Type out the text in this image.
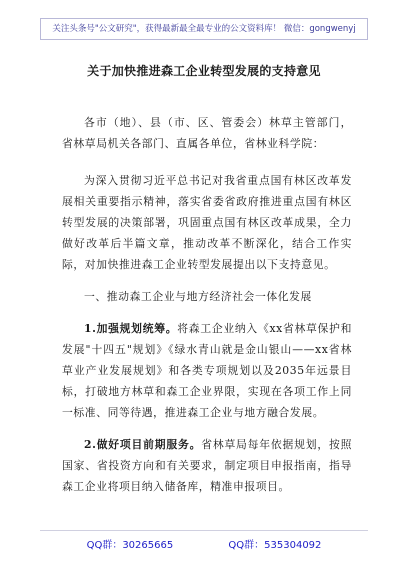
关注头条号"公文研究"，获得最新最全最专业的公文资料库！ 微信：gongwenyj
关于加快推进森工企业转型发展的支持意见
各市（地）、县（市、区、管委会）林草主管部门，省林草局机关各部门、直属各单位，省林业科学院：
为深入贯彻习近平总书记对我省重点国有林区改革发展相关重要指示精神，落实省委省政府推进重点国有林区转型发展的决策部署，巩固重点国有林区改革成果，全力做好改革后半篇文章，推动改革不断深化，结合工作实际，对加快推进森工企业转型发展提出以下支持意见。
一、推动森工企业与地方经济社会一体化发展
1.加强规划统筹。将森工企业纳入《xx省林草保护和发展"十四五"规划》《绿水青山就是金山银山——xx省林草业产业发展规划》和各类专项规划以及2035年远景目标，打破地方林草和森工企业界限，实现在各项工作上同一标准、同等待遇，推进森工企业与地方融合发展。
2.做好项目前期服务。省林草局每年依据规划，按照国家、省投资方向和有关要求，制定项目申报指南，指导森工企业将项目纳入储备库，精准申报项目。
QQ群：30265665	QQ群：535304092
